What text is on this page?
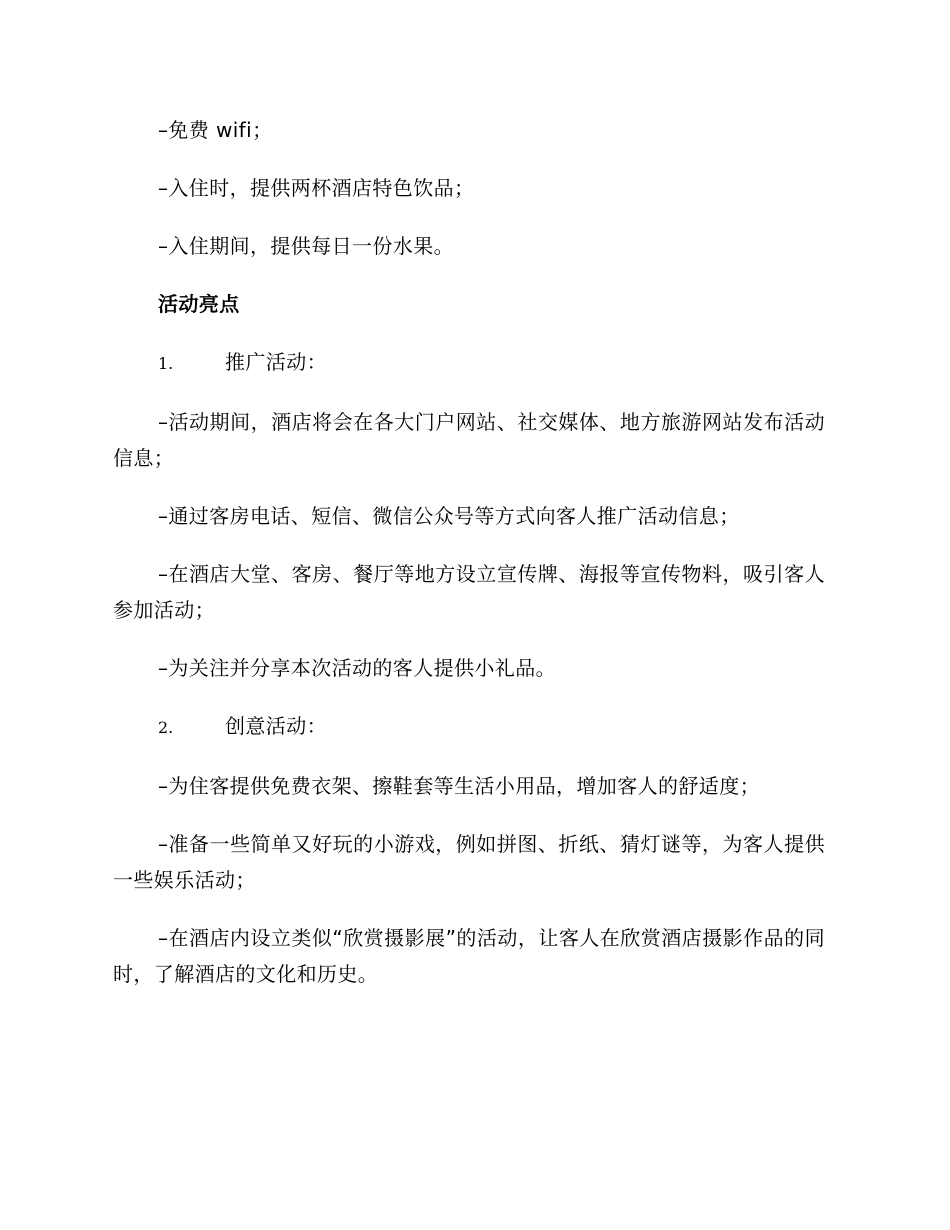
–免费 wifi；

–入住时，提供两杯酒店特色饮品；

–入住期间，提供每日一份水果。

活动亮点

1.	推广活动：

–活动期间，酒店将会在各大门户网站、社交媒体、地方旅游网站发布活动信息；

–通过客房电话、短信、微信公众号等方式向客人推广活动信息；

–在酒店大堂、客房、餐厅等地方设立宣传牌、海报等宣传物料，吸引客人参加活动；

–为关注并分享本次活动的客人提供小礼品。

2.	创意活动：

–为住客提供免费衣架、擦鞋套等生活小用品，增加客人的舒适度；

–准备一些简单又好玩的小游戏，例如拼图、折纸、猜灯谜等，为客人提供一些娱乐活动；

–在酒店内设立类似“欣赏摄影展”的活动，让客人在欣赏酒店摄影作品的同时，了解酒店的文化和历史。
